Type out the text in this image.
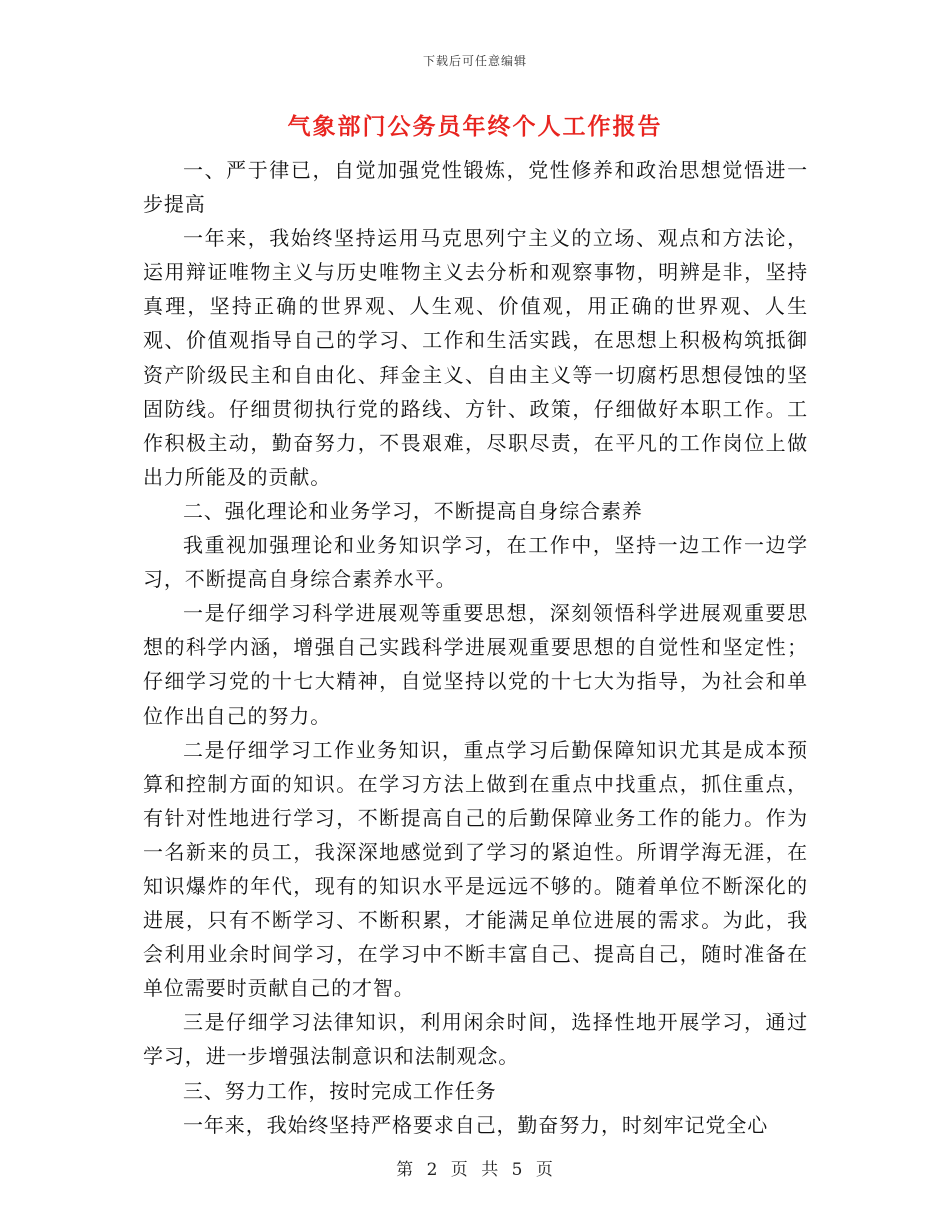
下载后可任意编辑
气象部门公务员年终个人工作报告

一、严于律已，自觉加强党性锻炼，党性修养和政治思想觉悟进一步提高

一年来，我始终坚持运用马克思列宁主义的立场、观点和方法论，运用辩证唯物主义与历史唯物主义去分析和观察事物，明辨是非，坚持真理，坚持正确的世界观、人生观、价值观，用正确的世界观、人生观、价值观指导自己的学习、工作和生活实践，在思想上积极构筑抵御资产阶级民主和自由化、拜金主义、自由主义等一切腐朽思想侵蚀的坚固防线。仔细贯彻执行党的路线、方针、政策，仔细做好本职工作。工作积极主动，勤奋努力，不畏艰难，尽职尽责，在平凡的工作岗位上做出力所能及的贡献。

二、强化理论和业务学习，不断提高自身综合素养

我重视加强理论和业务知识学习，在工作中，坚持一边工作一边学习，不断提高自身综合素养水平。

一是仔细学习科学进展观等重要思想，深刻领悟科学进展观重要思想的科学内涵，增强自己实践科学进展观重要思想的自觉性和坚定性；仔细学习党的十七大精神，自觉坚持以党的十七大为指导，为社会和单位作出自己的努力。

二是仔细学习工作业务知识，重点学习后勤保障知识尤其是成本预算和控制方面的知识。在学习方法上做到在重点中找重点，抓住重点，有针对性地进行学习，不断提高自己的后勤保障业务工作的能力。作为一名新来的员工，我深深地感觉到了学习的紧迫性。所谓学海无涯，在知识爆炸的年代，现有的知识水平是远远不够的。随着单位不断深化的进展，只有不断学习、不断积累，才能满足单位进展的需求。为此，我会利用业余时间学习，在学习中不断丰富自己、提高自己，随时准备在单位需要时贡献自己的才智。

三是仔细学习法律知识，利用闲余时间，选择性地开展学习，通过学习，进一步增强法制意识和法制观念。

三、努力工作，按时完成工作任务

一年来，我始终坚持严格要求自己，勤奋努力，时刻牢记党全心

第 2 页 共 5 页
